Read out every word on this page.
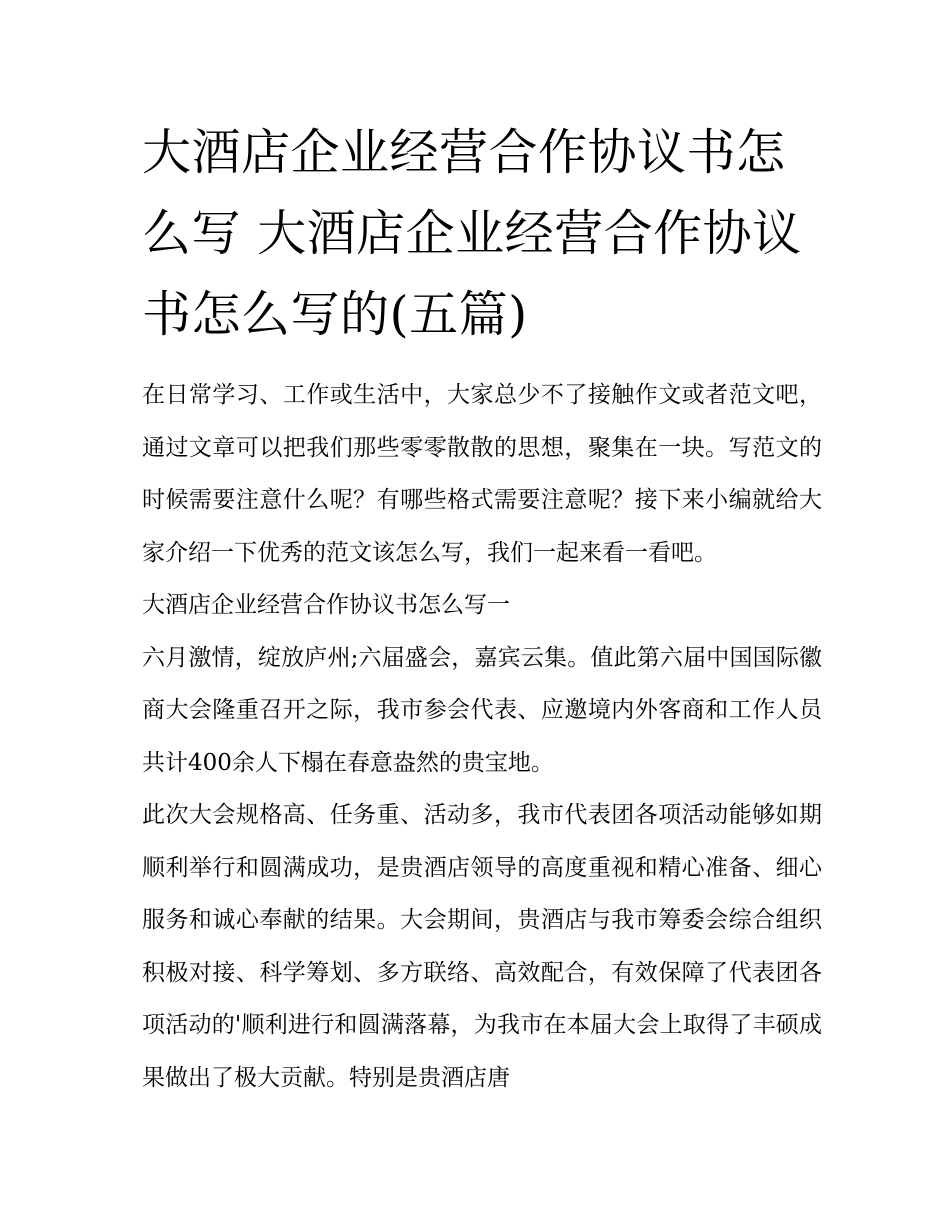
大酒店企业经营合作协议书怎么写 大酒店企业经营合作协议书怎么写的(五篇)

在日常学习、工作或生活中，大家总少不了接触作文或者范文吧，通过文章可以把我们那些零零散散的思想，聚集在一块。写范文的时候需要注意什么呢？有哪些格式需要注意呢？接下来小编就给大家介绍一下优秀的范文该怎么写，我们一起来看一看吧。

大酒店企业经营合作协议书怎么写一

六月激情，绽放庐州;六届盛会，嘉宾云集。值此第六届中国国际徽商大会隆重召开之际，我市参会代表、应邀境内外客商和工作人员共计400余人下榻在春意盎然的贵宝地。

此次大会规格高、任务重、活动多，我市代表团各项活动能够如期顺利举行和圆满成功，是贵酒店领导的高度重视和精心准备、细心服务和诚心奉献的结果。大会期间，贵酒店与我市筹委会综合组织积极对接、科学筹划、多方联络、高效配合，有效保障了代表团各项活动的'顺利进行和圆满落幕，为我市在本届大会上取得了丰硕成果做出了极大贡献。特别是贵酒店唐
